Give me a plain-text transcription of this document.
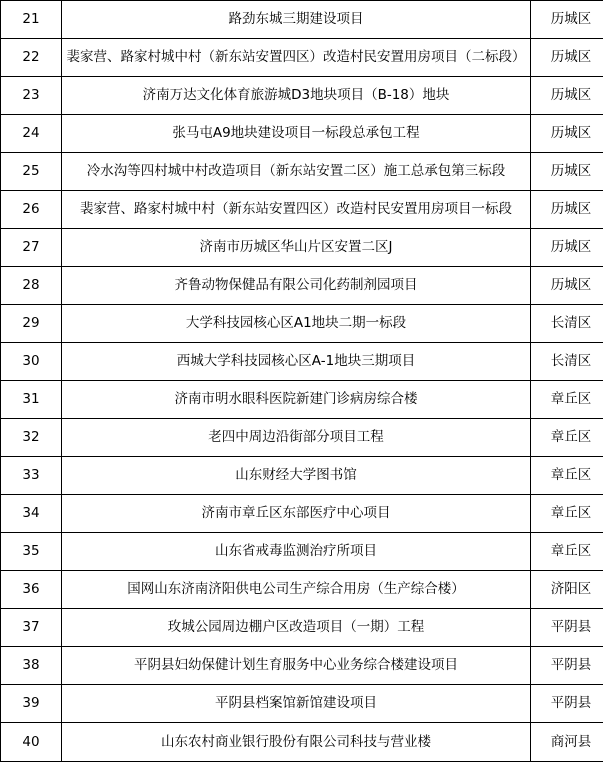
21	路劲东城三期建设项目	历城区
22	裴家营、路家村城中村（新东站安置四区）改造村民安置用房项目（二标段）	历城区
23	济南万达文化体育旅游城D3地块项目（B-18）地块	历城区
24	张马屯A9地块建设项目一标段总承包工程	历城区
25	冷水沟等四村城中村改造项目（新东站安置二区）施工总承包第三标段	历城区
26	裴家营、路家村城中村（新东站安置四区）改造村民安置用房项目一标段	历城区
27	济南市历城区华山片区安置二区J	历城区
28	齐鲁动物保健品有限公司化药制剂园项目	历城区
29	大学科技园核心区A1地块二期一标段	长清区
30	西城大学科技园核心区A-1地块三期项目	长清区
31	济南市明水眼科医院新建门诊病房综合楼	章丘区
32	老四中周边沿街部分项目工程	章丘区
33	山东财经大学图书馆	章丘区
34	济南市章丘区东部医疗中心项目	章丘区
35	山东省戒毒监测治疗所项目	章丘区
36	国网山东济南济阳供电公司生产综合用房（生产综合楼）	济阳区
37	玫城公园周边棚户区改造项目（一期）工程	平阴县
38	平阴县妇幼保健计划生育服务中心业务综合楼建设项目	平阴县
39	平阴县档案馆新馆建设项目	平阴县
40	山东农村商业银行股份有限公司科技与营业楼	商河县
